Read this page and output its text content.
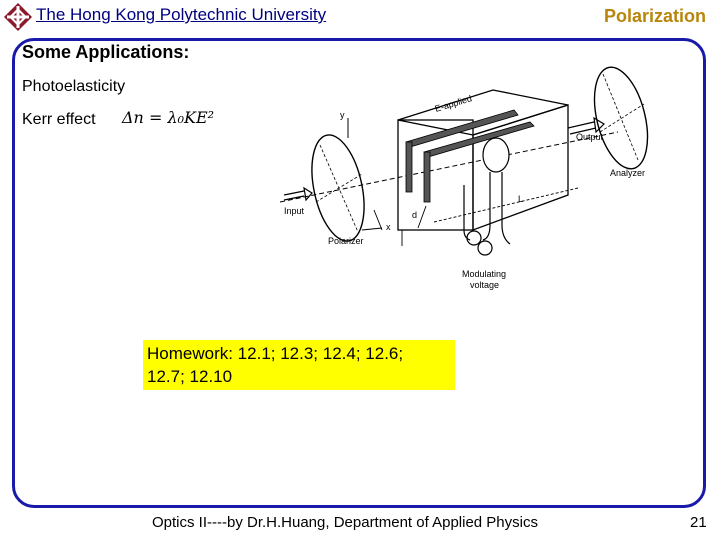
The Hong Kong Polytechnic University	Polarization
Some Applications:
Photoelasticity
Kerr effect Δn = λ₀KE²
E-applied
Output
Analyzer
Input
Polarizer
d
x
y
L
Modulating
voltage
Homework: 12.1; 12.3; 12.4; 12.6;
12.7; 12.10
Optics II----by Dr.H.Huang, Department of Applied Physics	21
